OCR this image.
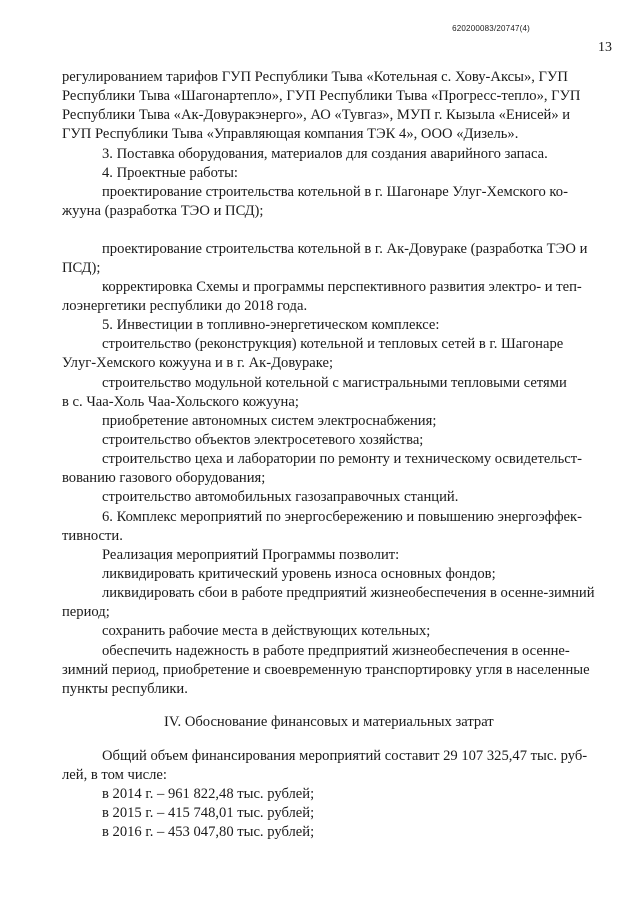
620200083/20747(4)
13
регулированием тарифов ГУП Республики Тыва «Котельная с. Хову-Аксы», ГУП
Республики Тыва «Шагонартепло», ГУП Республики Тыва «Прогресс-тепло», ГУП
Республики Тыва «Ак-Довуракэнерго», АО «Тувгаз», МУП г. Кызыла «Енисей» и
ГУП Республики Тыва «Управляющая компания ТЭК 4», ООО «Дизель».
3. Поставка оборудования, материалов для создания аварийного запаса.
4. Проектные работы:
проектирование строительства котельной в г. Шагонаре Улуг-Хемского ко-
жууна (разработка ТЭО и ПСД);
проектирование строительства котельной в г. Ак-Довураке (разработка ТЭО и
ПСД);
корректировка Схемы и программы перспективного развития электро- и теп-
лоэнергетики республики до 2018 года.
5. Инвестиции в топливно-энергетическом комплексе:
строительство (реконструкция) котельной и тепловых сетей в г. Шагонаре
Улуг-Хемского кожууна и в г. Ак-Довураке;
строительство модульной котельной с магистральными тепловыми сетями
в с. Чаа-Холь Чаа-Хольского кожууна;
приобретение автономных систем электроснабжения;
строительство объектов электросетевого хозяйства;
строительство цеха и лаборатории по ремонту и техническому освидетельст-
вованию газового оборудования;
строительство автомобильных газозаправочных станций.
6. Комплекс мероприятий по энергосбережению и повышению энергоэффек-
тивности.
Реализация мероприятий Программы позволит:
ликвидировать критический уровень износа основных фондов;
ликвидировать сбои в работе предприятий жизнеобеспечения в осенне-зимний
период;
сохранить рабочие места в действующих котельных;
обеспечить надежность в работе предприятий жизнеобеспечения в осенне-
зимний период, приобретение и своевременную транспортировку угля в населенные
пункты республики.
IV. Обоснование финансовых и материальных затрат
Общий объем финансирования мероприятий составит 29 107 325,47 тыс. руб-
лей, в том числе:
в 2014 г. – 961 822,48 тыс. рублей;
в 2015 г. – 415 748,01 тыс. рублей;
в 2016 г. – 453 047,80 тыс. рублей;
